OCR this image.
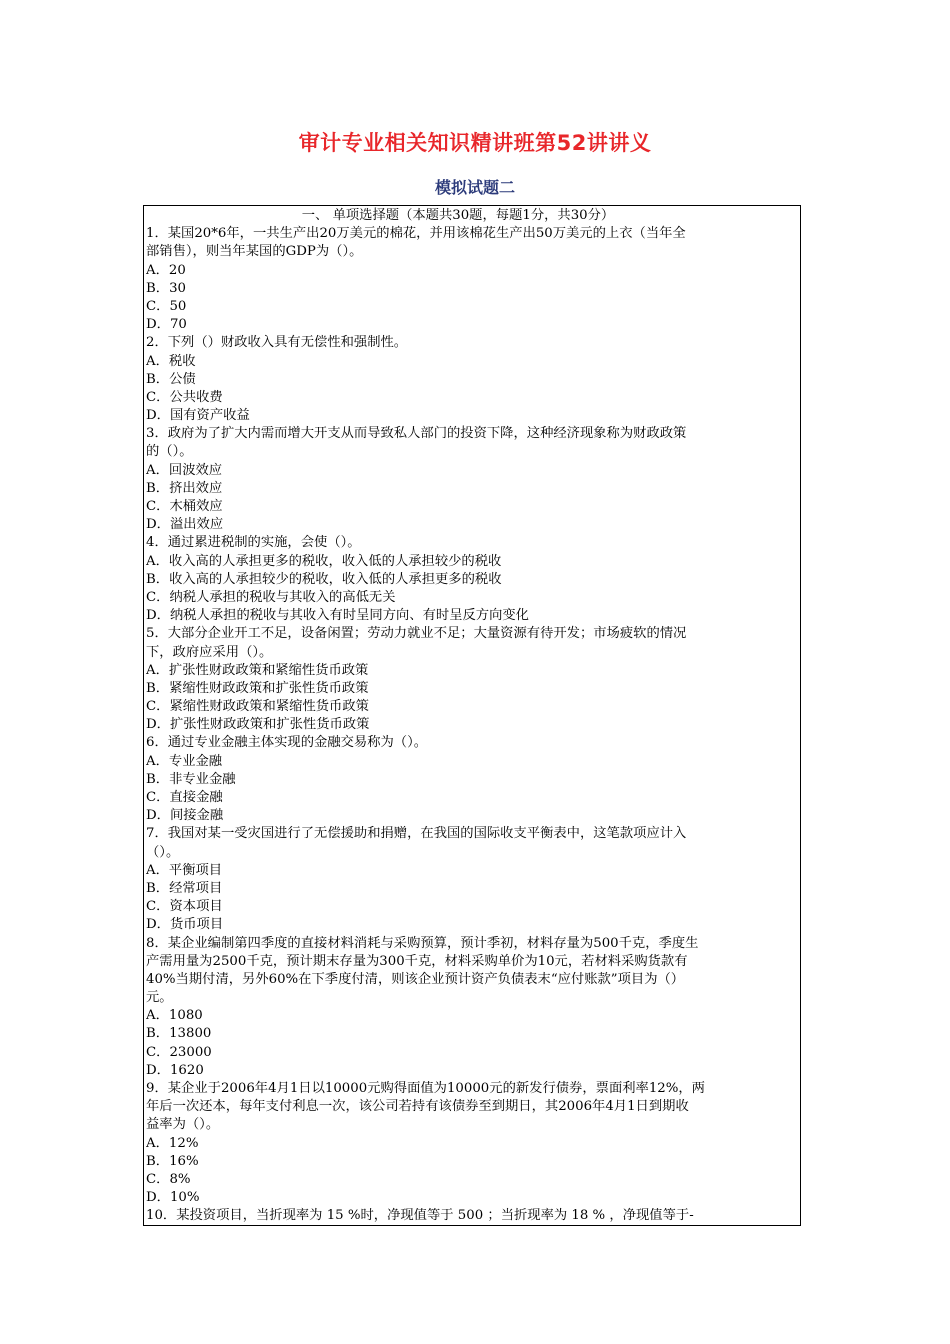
审计专业相关知识精讲班第52讲讲义
模拟试题二
一、 单项选择题（本题共30题，每题1分，共30分）
1．某国20*6年，一共生产出20万美元的棉花，并用该棉花生产出50万美元的上衣（当年全
部销售），则当年某国的GDP为（）。
A．20
B．30
C．50
D．70
2．下列（）财政收入具有无偿性和强制性。
A．税收
B．公债
C．公共收费
D．国有资产收益
3．政府为了扩大内需而增大开支从而导致私人部门的投资下降，这种经济现象称为财政政策
的（）。
A．回波效应
B．挤出效应
C．木桶效应
D．溢出效应
4．通过累进税制的实施，会使（）。
A．收入高的人承担更多的税收，收入低的人承担较少的税收
B．收入高的人承担较少的税收，收入低的人承担更多的税收
C．纳税人承担的税收与其收入的高低无关
D．纳税人承担的税收与其收入有时呈同方向、有时呈反方向变化
5．大部分企业开工不足，设备闲置；劳动力就业不足；大量资源有待开发；市场疲软的情况
下，政府应采用（）。
A．扩张性财政政策和紧缩性货币政策
B．紧缩性财政政策和扩张性货币政策
C．紧缩性财政政策和紧缩性货币政策
D．扩张性财政政策和扩张性货币政策
6．通过专业金融主体实现的金融交易称为（）。
A．专业金融
B．非专业金融
C．直接金融
D．间接金融
7．我国对某一受灾国进行了无偿援助和捐赠，在我国的国际收支平衡表中，这笔款项应计入
（）。
A．平衡项目
B．经常项目
C．资本项目
D．货币项目
8．某企业编制第四季度的直接材料消耗与采购预算，预计季初，材料存量为500千克，季度生
产需用量为2500千克，预计期末存量为300千克，材料采购单价为10元，若材料采购货款有
40%当期付清，另外60%在下季度付清，则该企业预计资产负债表末“应付账款”项目为（）
元。
A．1080
B．13800
C．23000
D．1620
9．某企业于2006年4月1日以10000元购得面值为10000元的新发行债券，票面利率12%，两
年后一次还本，每年支付利息一次，该公司若持有该债券至到期日，其2006年4月1日到期收
益率为（）。
A．12%
B．16%
C．8%
D．10%
10．某投资项目，当折现率为 15 %时，净现值等于 500 ；当折现率为 18 % ，净现值等于-
